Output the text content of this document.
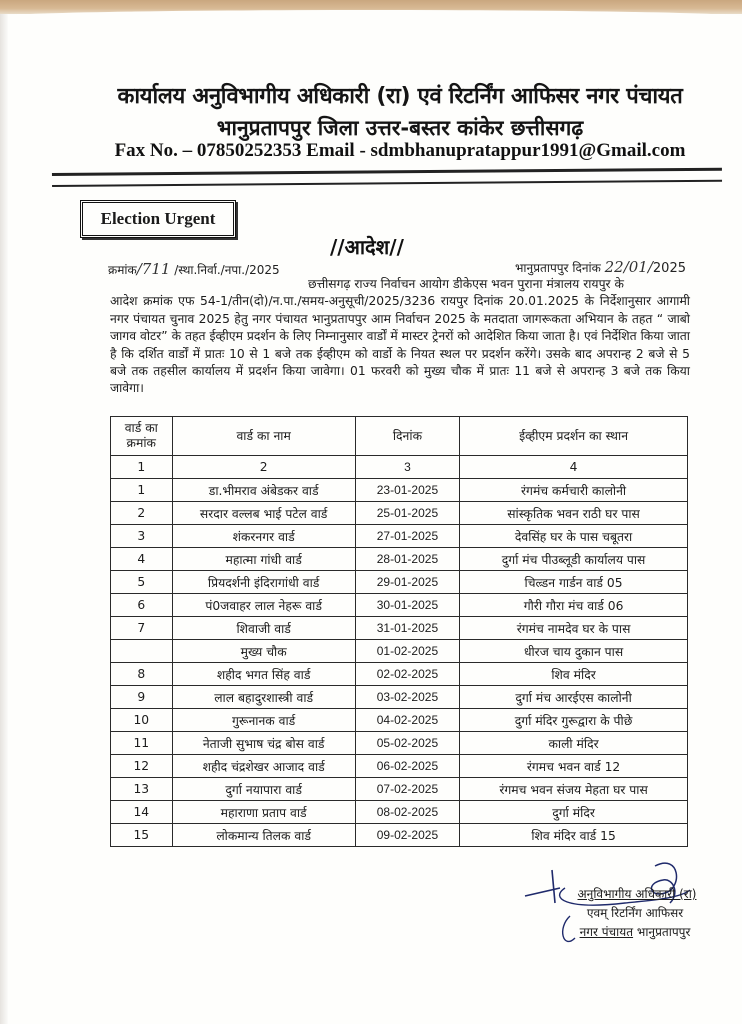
कार्यालय अनुविभागीय अधिकारी (रा) एवं रिटर्निंग आफिसर नगर पंचायत
भानुप्रतापपुर जिला उत्तर-बस्तर कांकेर छत्तीसगढ़
Fax No. – 07850252353 Email - sdmbhanupratappur1991@Gmail.com
Election Urgent
//आदेश//
क्रमांक/711 /स्था.निर्वा./नपा./2025	भानुप्रतापपुर दिनांक 22/01/2025
छत्तीसगढ़ राज्य निर्वाचन आयोग डीकेएस भवन पुराना मंत्रालय रायपुर के
आदेश क्रमांक एफ 54-1/तीन(दो)/न.पा./समय-अनुसूची/2025/3236 रायपुर दिनांक 20.01.2025 के निर्देशानुसार आगामी नगर पंचायत चुनाव 2025 हेतु नगर पंचायत भानुप्रतापपुर आम निर्वाचन 2025 के मतदाता जागरूकता अभियान के तहत “ जाबो जागव वोटर” के तहत ईव्हीएम प्रदर्शन के लिए निम्नानुसार वार्डों में मास्टर ट्रेनरों को आदेशित किया जाता है। एवं निर्देशित किया जाता है कि दर्शित वार्डों में प्रातः 10 से 1 बजे तक ईव्हीएम को वार्डो के नियत स्थल पर प्रदर्शन करेंगे। उसके बाद अपरान्ह 2 बजे से 5 बजे तक तहसील कार्यालय में प्रदर्शन किया जावेगा। 01 फरवरी को मुख्य चौक में प्रातः 11 बजे से अपरान्ह 3 बजे तक किया जावेगा।
वार्ड का क्रमांक	वार्ड का नाम	दिनांक	ईव्हीएम प्रदर्शन का स्थान
1	2	3	4
1	डा.भीमराव अंबेडकर वार्ड	23-01-2025	रंगमंच कर्मचारी कालोनी
2	सरदार वल्लब भाई पटेल वार्ड	25-01-2025	सांस्कृतिक भवन राठी घर पास
3	शंकरनगर वार्ड	27-01-2025	देवसिंह घर के पास चबूतरा
4	महात्मा गांधी वार्ड	28-01-2025	दुर्गा मंच पीउब्लूडी कार्यालय पास
5	प्रियदर्शनी इंदिरागांधी वार्ड	29-01-2025	चिल्र्डन गार्डन वार्ड 05
6	पं0जवाहर लाल नेहरू वार्ड	30-01-2025	गौरी गौरा मंच वार्ड 06
7	शिवाजी वार्ड	31-01-2025	रंगमंच नामदेव घर के पास
	मुख्य चौक	01-02-2025	धीरज चाय दुकान पास
8	शहीद भगत सिंह वार्ड	02-02-2025	शिव मंदिर
9	लाल बहादुरशास्त्री वार्ड	03-02-2025	दुर्गा मंच आरईएस कालोनी
10	गुरूनानक वार्ड	04-02-2025	दुर्गा मंदिर गुरूद्वारा के पीछे
11	नेताजी सुभाष चंद्र बोस वार्ड	05-02-2025	काली मंदिर
12	शहीद चंद्रशेखर आजाद वार्ड	06-02-2025	रंगमच भवन वार्ड 12
13	दुर्गा नयापारा वार्ड	07-02-2025	रंगमच भवन संजय मेहता घर पास
14	महाराणा प्रताप वार्ड	08-02-2025	दुर्गा मंदिर
15	लोकमान्य तिलक वार्ड	09-02-2025	शिव मंदिर वार्ड 15
अनुविभागीय अधिकारी (रा)
एवम् रिटर्निंग आफिसर
नगर पंचायत भानुप्रतापपुर
